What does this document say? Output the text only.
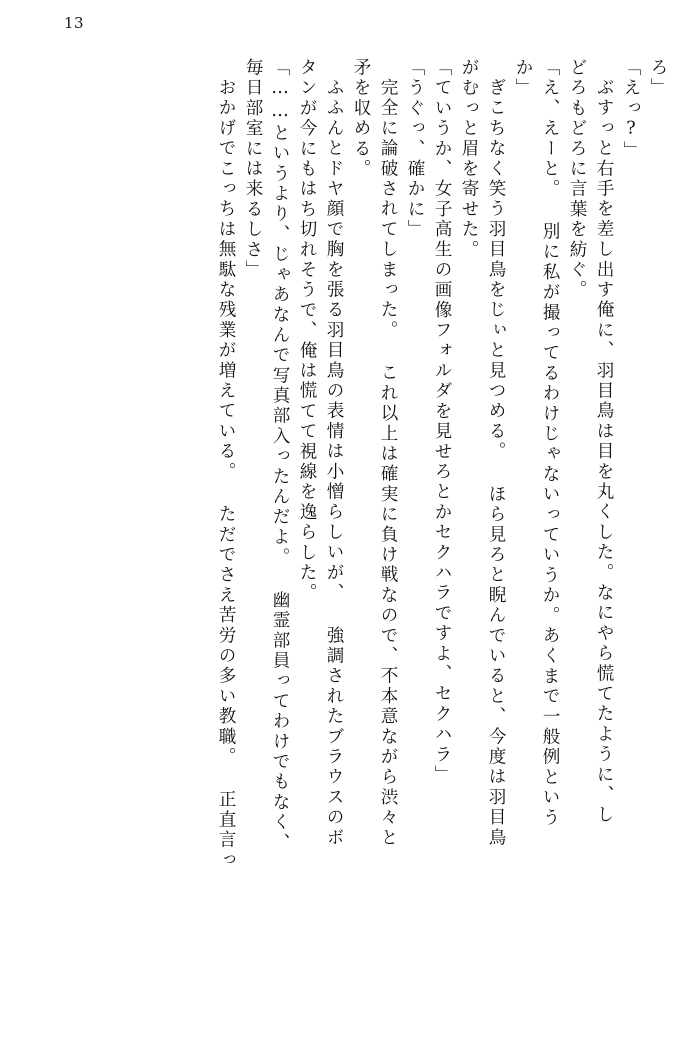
13
ろ」
「えっ?」
ぶすっと右手を差し出す俺に、羽目鳥は目を丸くした。なにやら慌てたように、し
どろもどろに言葉を紡ぐ。
「え、えーと。 別に私が撮ってるわけじゃないっていうか。あくまで一般例という
か」
ぎこちなく笑う羽目鳥をじぃと見つめる。 ほら見ろと睨んでいると、今度は羽目鳥
がむっと眉を寄せた。
「ていうか、女子高生の画像フォルダを見せろとかセクハラですよ、セクハラ」
「うぐっ、確かに」
完全に論破されてしまった。 これ以上は確実に負け戦なので、不本意ながら渋々と
矛を収める。
ふふんとドヤ顔で胸を張る羽目鳥の表情は小憎らしいが、 強調されたブラウスのボ
タンが今にもはち切れそうで、俺は慌てて視線を逸らした。
「……というより、じゃあなんで写真部入ったんだよ。 幽霊部員ってわけでもなく、
毎日部室には来るしさ」
おかげでこっちは無駄な残業が増えている。 ただでさえ苦労の多い教職。 正直言っ
